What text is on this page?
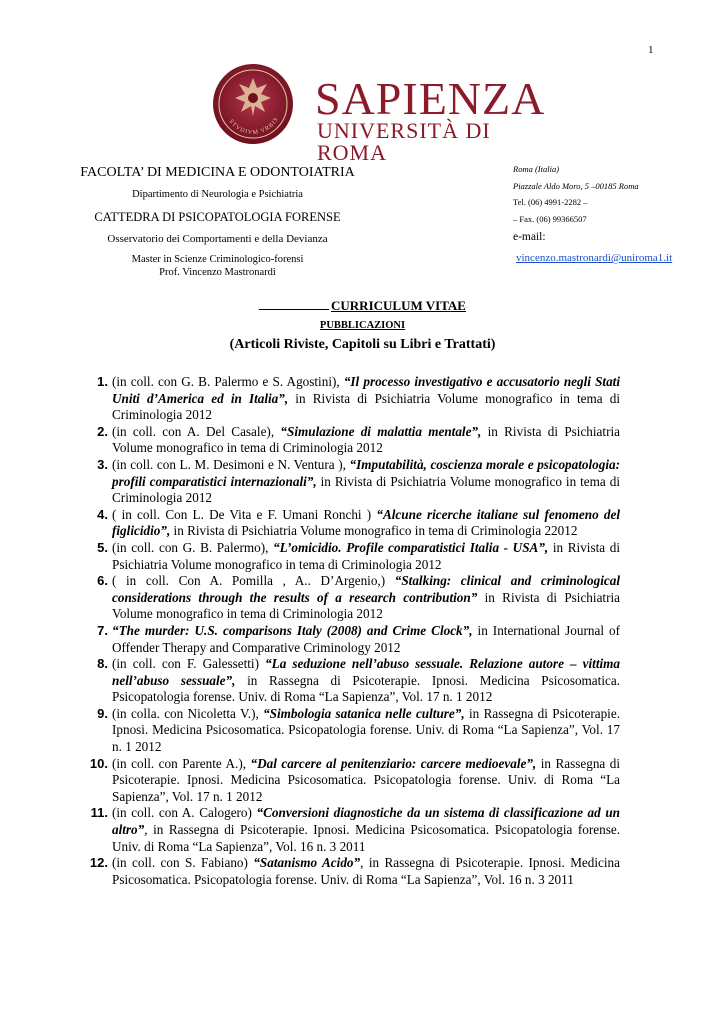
1
STVDIVM VRBIS SAPIENZA
UNIVERSITÀ DI ROMA
FACOLTA’ DI MEDICINA E ODONTOIATRIA
Dipartimento di Neurologia e Psichiatria
CATTEDRA DI PSICOPATOLOGIA FORENSE
Osservatorio dei Comportamenti e della Devianza
Master in Scienze Criminologico-forensi
Prof. Vincenzo Mastronardi
Roma (Italia)
Piazzale Aldo Moro, 5 –00185 Roma
Tel. (06) 4991-2282 –
– Fax. (06) 99366507
e-mail:
vincenzo.mastronardi@uniroma1.it
CURRICULUM VITAE
PUBBLICAZIONI
(Articoli Riviste, Capitoli su Libri e Trattati)
1. (in coll. con G. B. Palermo e S. Agostini), “Il processo investigativo e accusatorio negli Stati Uniti d’America ed in Italia”, in Rivista di Psichiatria Volume monografico in tema di Criminologia 2012
2. (in coll. con A. Del Casale), “Simulazione di malattia mentale”, in Rivista di Psichiatria Volume monografico in tema di Criminologia 2012
3. (in coll. con L. M. Desimoni e N. Ventura ), “Imputabilità, coscienza morale e psicopatologia: profili comparatistici internazionali”, in Rivista di Psichiatria Volume monografico in tema di Criminologia 2012
4. ( in coll. Con L. De Vita e F. Umani Ronchi ) “Alcune ricerche italiane sul fenomeno del figlicidio”, in Rivista di Psichiatria Volume monografico in tema di Criminologia 22012
5. (in coll. con G. B. Palermo), “L’omicidio. Profile comparatistici Italia - USA”, in Rivista di Psichiatria Volume monografico in tema di Criminologia 2012
6. ( in coll. Con A. Pomilla , A.. D’Argenio,) “Stalking: clinical and criminological considerations through the results of a research contribution” in Rivista di Psichiatria Volume monografico in tema di Criminologia 2012
7. “The murder: U.S. comparisons Italy (2008) and Crime Clock”, in International Journal of Offender Therapy and Comparative Criminology 2012
8. (in coll. con F. Galessetti) “La seduzione nell’abuso sessuale. Relazione autore – vittima nell’abuso sessuale”, in Rassegna di Psicoterapie. Ipnosi. Medicina Psicosomatica. Psicopatologia forense. Univ. di Roma “La Sapienza”, Vol. 17 n. 1 2012
9. (in colla. con Nicoletta V.), “Simbologia satanica nelle culture”, in Rassegna di Psicoterapie. Ipnosi. Medicina Psicosomatica. Psicopatologia forense. Univ. di Roma “La Sapienza”, Vol. 17 n. 1 2012
10. (in coll. con Parente A.), “Dal carcere al penitenziario: carcere medioevale”, in Rassegna di Psicoterapie. Ipnosi. Medicina Psicosomatica. Psicopatologia forense. Univ. di Roma “La Sapienza”, Vol. 17 n. 1 2012
11. (in coll. con A. Calogero) “Conversioni diagnostiche da un sistema di classificazione ad un altro”, in Rassegna di Psicoterapie. Ipnosi. Medicina Psicosomatica. Psicopatologia forense. Univ. di Roma “La Sapienza”, Vol. 16 n. 3 2011
12. (in coll. con S. Fabiano) “Satanismo Acido”, in Rassegna di Psicoterapie. Ipnosi. Medicina Psicosomatica. Psicopatologia forense. Univ. di Roma “La Sapienza”, Vol. 16 n. 3 2011
